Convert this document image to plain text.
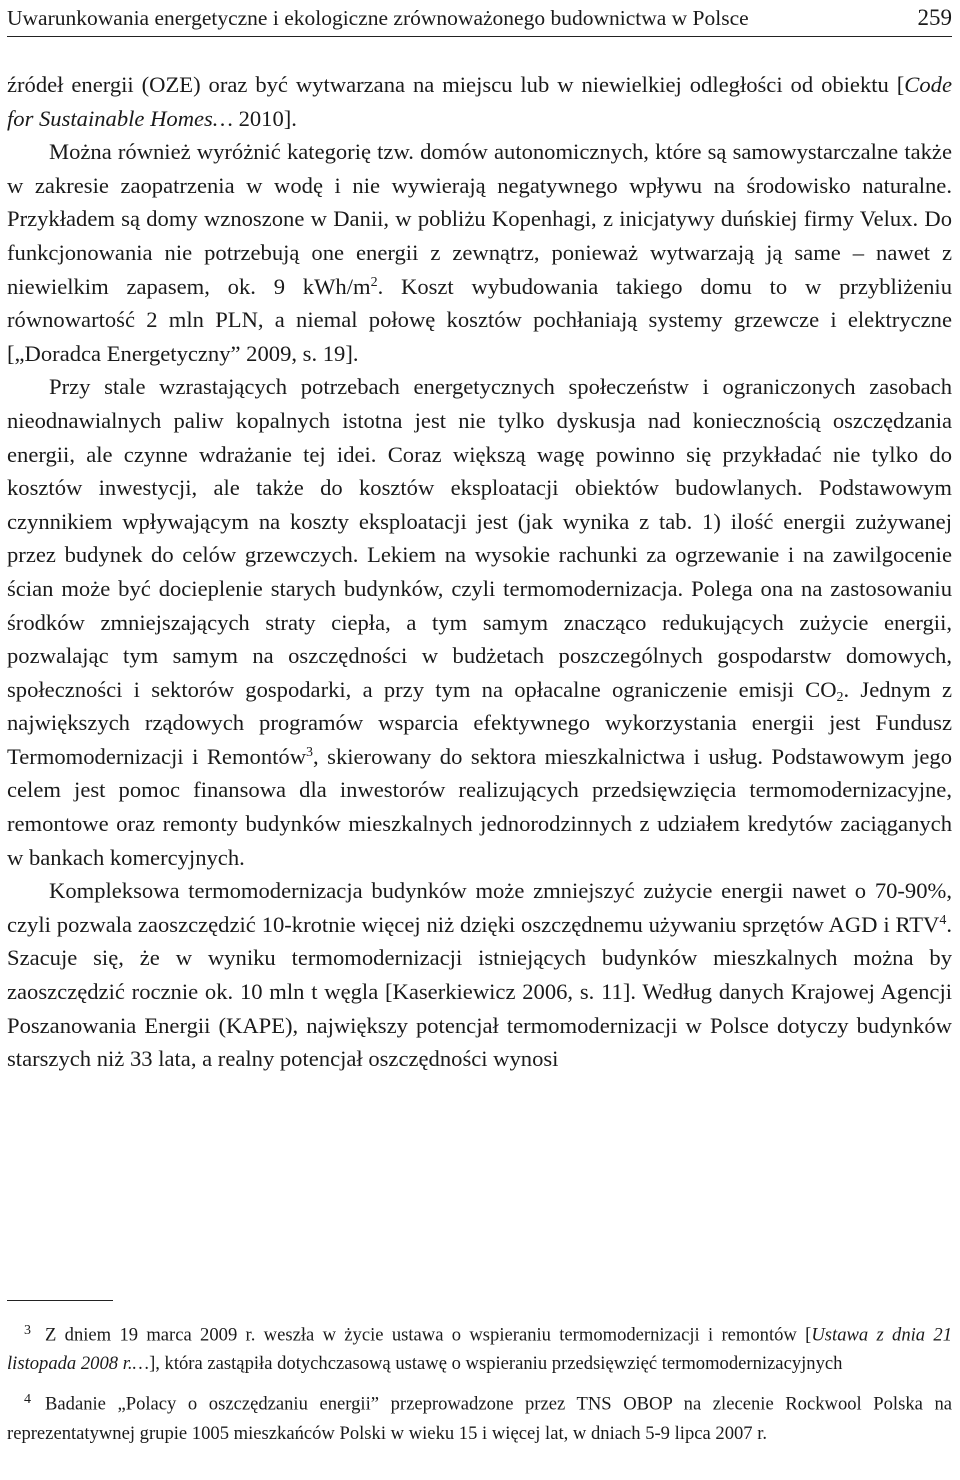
Uwarunkowania energetyczne i ekologiczne zrównoważonego budownictwa w Polsce	259

źródeł energii (OZE) oraz być wytwarzana na miejscu lub w niewielkiej odległości od obiektu [Code for Sustainable Homes… 2010].

Można również wyróżnić kategorię tzw. domów autonomicznych, które są samowystarczalne także w zakresie zaopatrzenia w wodę i nie wywierają negatywnego wpływu na środowisko naturalne. Przykładem są domy wznoszone w Danii, w pobliżu Kopenhagi, z inicjatywy duńskiej firmy Velux. Do funkcjonowania nie potrzebują one energii z zewnątrz, ponieważ wytwarzają ją same – nawet z niewielkim zapasem, ok. 9 kWh/$m^2$. Koszt wybudowania takiego domu to w przybliżeniu równowartość 2 mln PLN, a niemal połowę kosztów pochłaniają systemy grzewcze i elektryczne [„Doradca Energetyczny” 2009, s. 19].

Przy stale wzrastających potrzebach energetycznych społeczeństw i ograniczonych zasobach nieodnawialnych paliw kopalnych istotna jest nie tylko dyskusja nad koniecznością oszczędzania energii, ale czynne wdrażanie tej idei. Coraz większą wagę powinno się przykładać nie tylko do kosztów inwestycji, ale także do kosztów eksploatacji obiektów budowlanych. Podstawowym czynnikiem wpływającym na koszty eksploatacji jest (jak wynika z tab. 1) ilość energii zużywanej przez budynek do celów grzewczych. Lekiem na wysokie rachunki za ogrzewanie i na zawilgocenie ścian może być docieplenie starych budynków, czyli termomodernizacja. Polega ona na zastosowaniu środków zmniejszających straty ciepła, a tym samym znacząco redukujących zużycie energii, pozwalając tym samym na oszczędności w budżetach poszczególnych gospodarstw domowych, społeczności i sektorów gospodarki, a przy tym na opłacalne ograniczenie emisji $CO_2$. Jednym z największych rządowych programów wsparcia efektywnego wykorzystania energii jest Fundusz Termomodernizacji i Remontów$^3$, skierowany do sektora mieszkalnictwa i usług. Podstawowym jego celem jest pomoc finansowa dla inwestorów realizujących przedsięwzięcia termomodernizacyjne, remontowe oraz remonty budynków mieszkalnych jednorodzinnych z udziałem kredytów zaciąganych w bankach komercyjnych.

Kompleksowa termomodernizacja budynków może zmniejszyć zużycie energii nawet o 70-90%, czyli pozwala zaoszczędzić 10-krotnie więcej niż dzięki oszczędnemu używaniu sprzętów AGD i RTV$^4$. Szacuje się, że w wyniku termomodernizacji istniejących budynków mieszkalnych można by zaoszczędzić rocznie ok. 10 mln t węgla [Kaserkiewicz 2006, s. 11]. Według danych Krajowej Agencji Poszanowania Energii (KAPE), największy potencjał termomodernizacji w Polsce dotyczy budynków starszych niż 33 lata, a realny potencjał oszczędności wynosi

3 Z dniem 19 marca 2009 r. weszła w życie ustawa o wspieraniu termomodernizacji i remontów [Ustawa z dnia 21 listopada 2008 r.…], która zastąpiła dotychczasową ustawę o wspieraniu przedsięwzięć termomodernizacyjnych

4 Badanie „Polacy o oszczędzaniu energii” przeprowadzone przez TNS OBOP na zlecenie Rockwool Polska na reprezentatywnej grupie 1005 mieszkańców Polski w wieku 15 i więcej lat, w dniach 5-9 lipca 2007 r.
